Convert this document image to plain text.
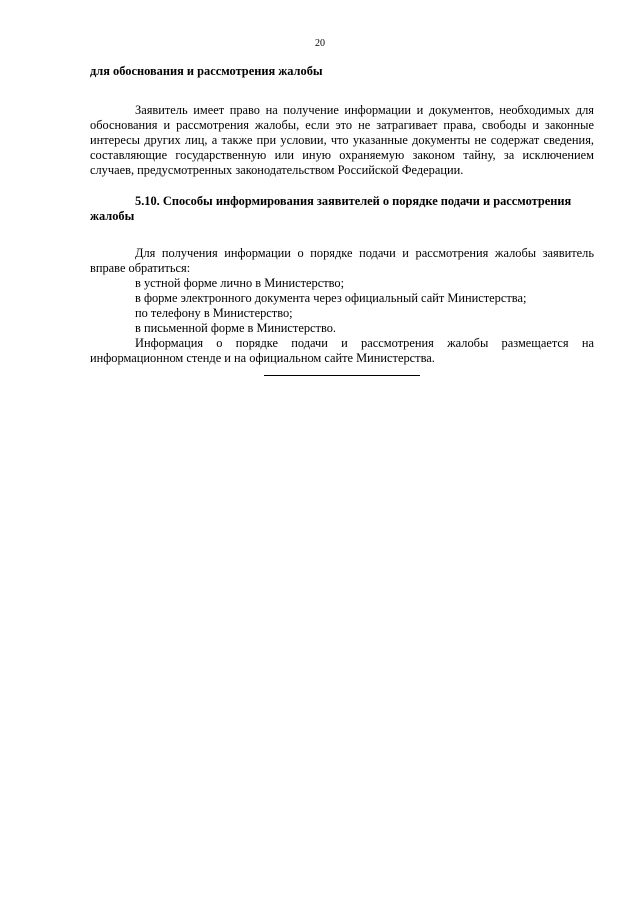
20

для обоснования и рассмотрения жалобы

Заявитель имеет право на получение информации и документов, необходимых для обоснования и рассмотрения жалобы, если это не затрагивает права, свободы и законные интересы других лиц, а также при условии, что указанные документы не содержат сведения, составляющие государственную или иную охраняемую законом тайну, за исключением случаев, предусмотренных законодательством Российской Федерации.

5.10. Способы информирования заявителей о порядке подачи и рассмотрения жалобы

Для получения информации о порядке подачи и рассмотрения жалобы заявитель вправе обратиться:

в устной форме лично в Министерство;

в форме электронного документа через официальный сайт Министерства;

по телефону в Министерство;

в письменной форме в Министерство.

Информация о порядке подачи и рассмотрения жалобы размещается на информационном стенде и на официальном сайте Министерства.
